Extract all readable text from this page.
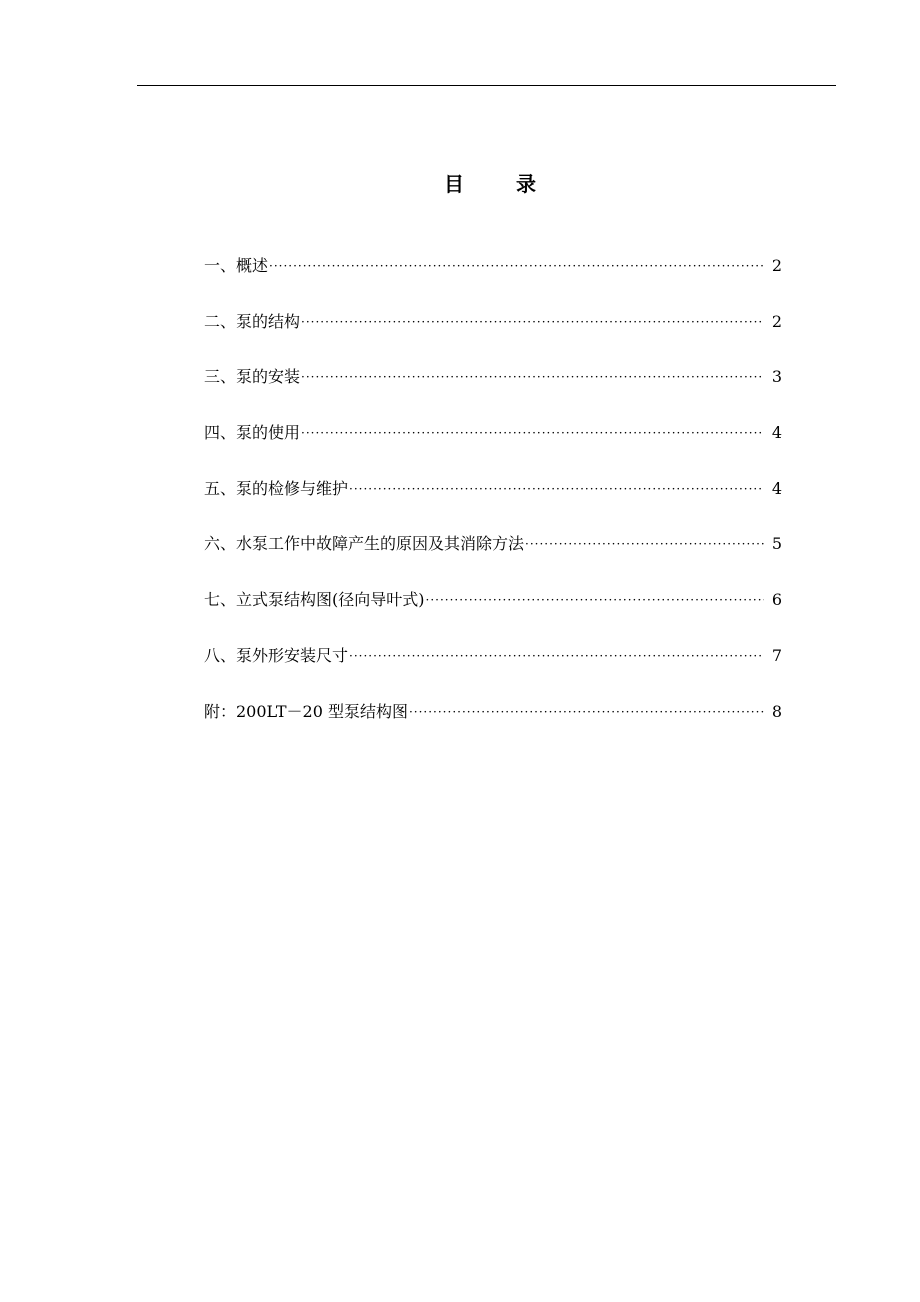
目	录
一、概述 ·····	2
二、泵的结构 ·····	2
三、泵的安装 ·····	3
四、泵的使用 ·····	4
五、泵的检修与维护 ·····	4
六、水泵工作中故障产生的原因及其消除方法 ·····	5
七、立式泵结构图(径向导叶式) ·····	6
八、泵外形安装尺寸 ·····	7
附：200LT－20 型泵结构图 ·····	8
